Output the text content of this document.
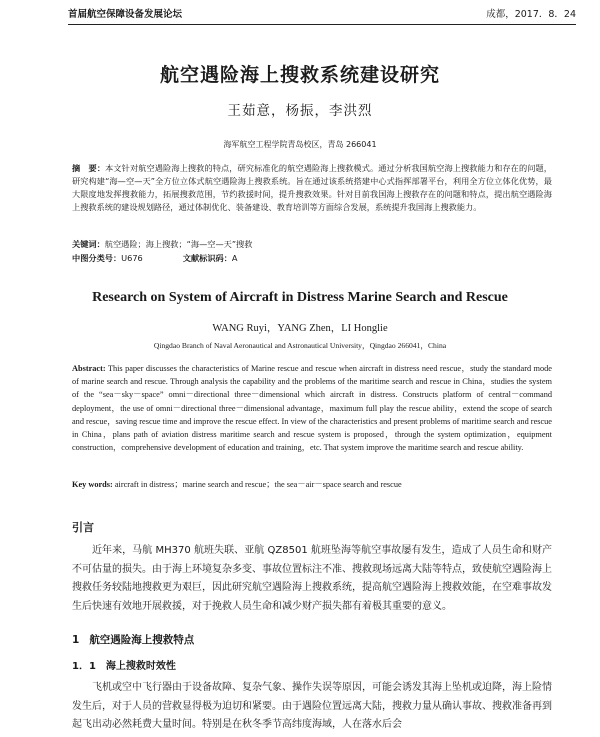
首届航空保障设备发展论坛	成都，2017．8．24
航空遇险海上搜救系统建设研究
王茹意，杨振，李洪烈
海军航空工程学院青岛校区，青岛 266041

摘　要：本文针对航空遇险海上搜救的特点，研究标准化的航空遇险海上搜救模式。通过分析我国航空海上搜救能力和存在的问题，研究构建“海—空—天”全方位立体式航空遇险海上搜救系统。旨在通过该系统搭建中心式指挥部署平台，利用全方位立体化优势，最大限度地发挥搜救能力，拓展搜救范围，节约救援时间，提升搜救效果。针对目前我国海上搜救存在的问题和特点，提出航空遇险海上搜救系统的建设规划路径，通过体制优化、装备建设、教育培训等方面综合发展，系统提升我国海上搜救能力。

关键词：航空遇险；海上搜救；“海—空—天”搜救
中图分类号：U676	文献标识码：A
Research on System of Aircraft in Distress Marine Search and Rescue
WANG Ruyi，YANG Zhen，LI Honglie
Qingdao Branch of Naval Aeronautical and Astronautical University，Qingdao 266041，China

Abstract: This paper discusses the characteristics of Marine rescue and rescue when aircraft in distress need rescue，study the standard mode of marine search and rescue. Through analysis the capability and the problems of the maritime search and rescue in China，studies the system of the “sea－sky－space” omni－directional three－dimensional which aircraft in distress. Constructs platform of central－command deployment，the use of omni－directional three－dimensional advantage，maximum full play the rescue ability，extend the scope of search and rescue，saving rescue time and improve the rescue effect. In view of the characteristics and present problems of maritime search and rescue in China，plans path of aviation distress maritime search and rescue system is proposed，through the system optimization，equipment construction，comprehensive development of education and training，etc. That system improve the maritime search and rescue ability.

Key words: aircraft in distress；marine search and rescue；the sea－air－space search and rescue
引言

近年来，马航 MH370 航班失联、亚航 QZ8501 航班坠海等航空事故屡有发生，造成了人员生命和财产不可估量的损失。由于海上环境复杂多变、事故位置标注不准、搜救现场远离大陆等特点，致使航空遇险海上搜救任务较陆地搜救更为艰巨，因此研究航空遇险海上搜救系统，提高航空遇险海上搜救效能，在空难事故发生后快速有效地开展救援，对于挽救人员生命和减少财产损失都有着极其重要的意义。

1 航空遇险海上搜救特点
1．1 海上搜救时效性

飞机或空中飞行器由于设备故障、复杂气象、操作失误等原因，可能会诱发其海上坠机或迫降，海上险情发生后，对于人员的营救显得极为迫切和紧要。由于遇险位置远离大陆，搜救力量从确认事故、搜救准备再到起飞出动必然耗费大量时间。特别是在秋冬季节高纬度海域，人在落水后会
